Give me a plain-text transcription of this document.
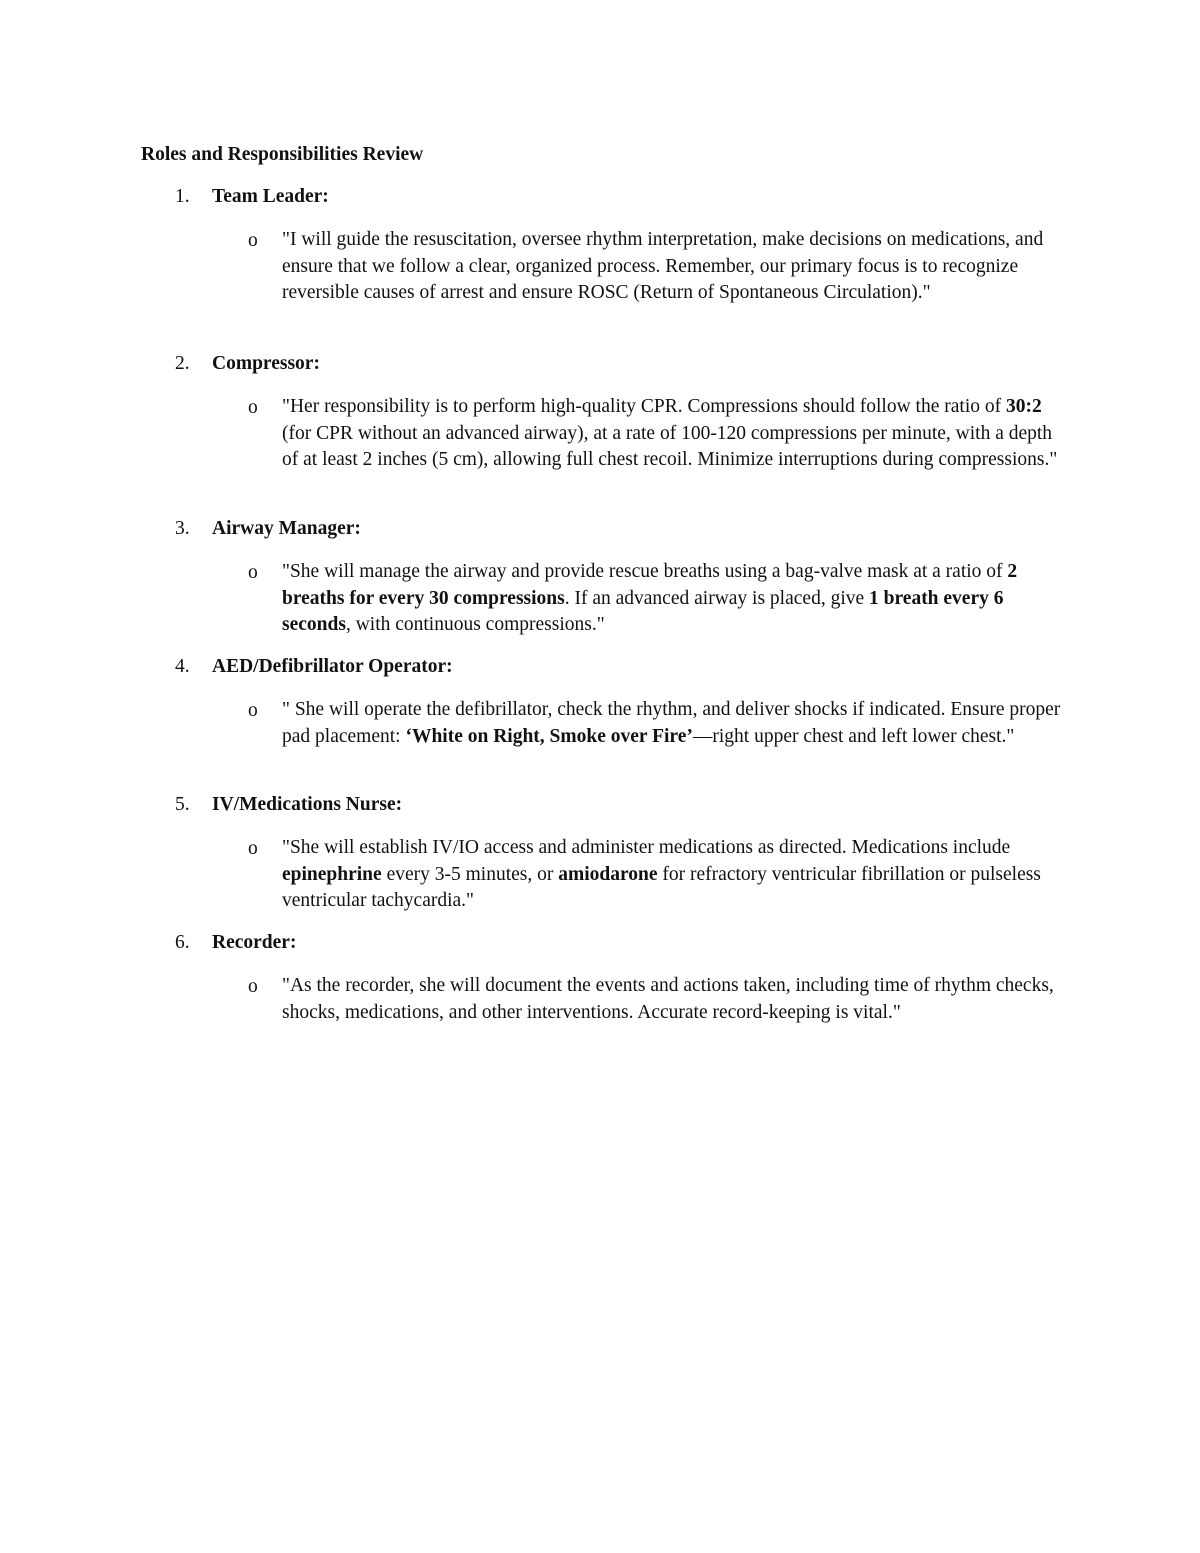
Roles and Responsibilities Review
1. Team Leader:
o "I will guide the resuscitation, oversee rhythm interpretation, make decisions on medications, and ensure that we follow a clear, organized process. Remember, our primary focus is to recognize reversible causes of arrest and ensure ROSC (Return of Spontaneous Circulation)."
2. Compressor:
o "Her responsibility is to perform high-quality CPR. Compressions should follow the ratio of 30:2 (for CPR without an advanced airway), at a rate of 100-120 compressions per minute, with a depth of at least 2 inches (5 cm), allowing full chest recoil. Minimize interruptions during compressions."
3. Airway Manager:
o "She will manage the airway and provide rescue breaths using a bag-valve mask at a ratio of 2 breaths for every 30 compressions. If an advanced airway is placed, give 1 breath every 6 seconds, with continuous compressions."
4. AED/Defibrillator Operator:
o " She will operate the defibrillator, check the rhythm, and deliver shocks if indicated. Ensure proper pad placement: ‘White on Right, Smoke over Fire’—right upper chest and left lower chest."
5. IV/Medications Nurse:
o "She will establish IV/IO access and administer medications as directed. Medications include epinephrine every 3-5 minutes, or amiodarone for refractory ventricular fibrillation or pulseless ventricular tachycardia."
6. Recorder:
o "As the recorder, she will document the events and actions taken, including time of rhythm checks, shocks, medications, and other interventions. Accurate record-keeping is vital."
